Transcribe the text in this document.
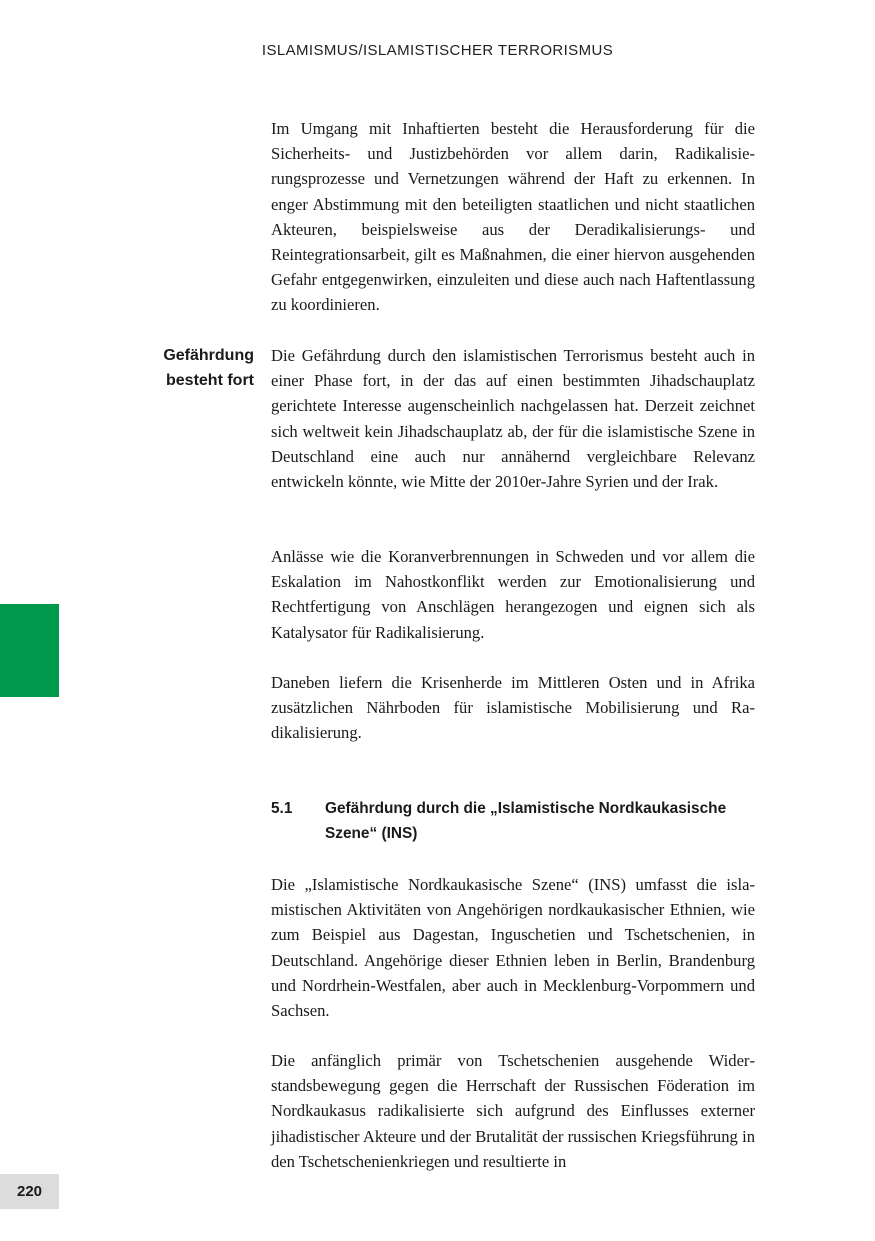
ISLAMISMUS/ISLAMISTISCHER TERRORISMUS

Im Umgang mit Inhaftierten besteht die Herausforderung für die Sicherheits- und Justizbehörden vor allem darin, Radikalisierungsprozesse und Vernetzungen während der Haft zu erkennen. In enger Abstimmung mit den beteiligten staatlichen und nicht staatlichen Akteuren, beispielsweise aus der Deradikalisierungs- und Reintegrationsarbeit, gilt es Maßnahmen, die einer hiervon ausgehenden Gefahr entgegenwirken, einzuleiten und diese auch nach Haftentlassung zu koordinieren.

Gefährdung
besteht fort

Die Gefährdung durch den islamistischen Terrorismus besteht auch in einer Phase fort, in der das auf einen bestimmten Jihadschauplatz gerichtete Interesse augenscheinlich nachgelassen hat. Derzeit zeichnet sich weltweit kein Jihadschauplatz ab, der für die islamistische Szene in Deutschland eine auch nur annähernd vergleichbare Relevanz entwickeln könnte, wie Mitte der 2010er-Jahre Syrien und der Irak.

Anlässe wie die Koranverbrennungen in Schweden und vor allem die Eskalation im Nahostkonflikt werden zur Emotionalisierung und Rechtfertigung von Anschlägen herangezogen und eignen sich als Katalysator für Radikalisierung.

Daneben liefern die Krisenherde im Mittleren Osten und in Afrika zusätzlichen Nährboden für islamistische Mobilisierung und Radikalisierung.

5.1 Gefährdung durch die „Islamistische Nordkaukasische Szene“ (INS)

Die „Islamistische Nordkaukasische Szene“ (INS) umfasst die islamistischen Aktivitäten von Angehörigen nordkaukasischer Ethnien, wie zum Beispiel aus Dagestan, Inguschetien und Tschetschenien, in Deutschland. Angehörige dieser Ethnien leben in Berlin, Brandenburg und Nordrhein-Westfalen, aber auch in Mecklenburg-Vorpommern und Sachsen.

Die anfänglich primär von Tschetschenien ausgehende Widerstandsbewegung gegen die Herrschaft der Russischen Föderation im Nordkaukasus radikalisierte sich aufgrund des Einflusses externer jihadistischer Akteure und der Brutalität der russischen Kriegsführung in den Tschetschenienkriegen und resultierte in

220
